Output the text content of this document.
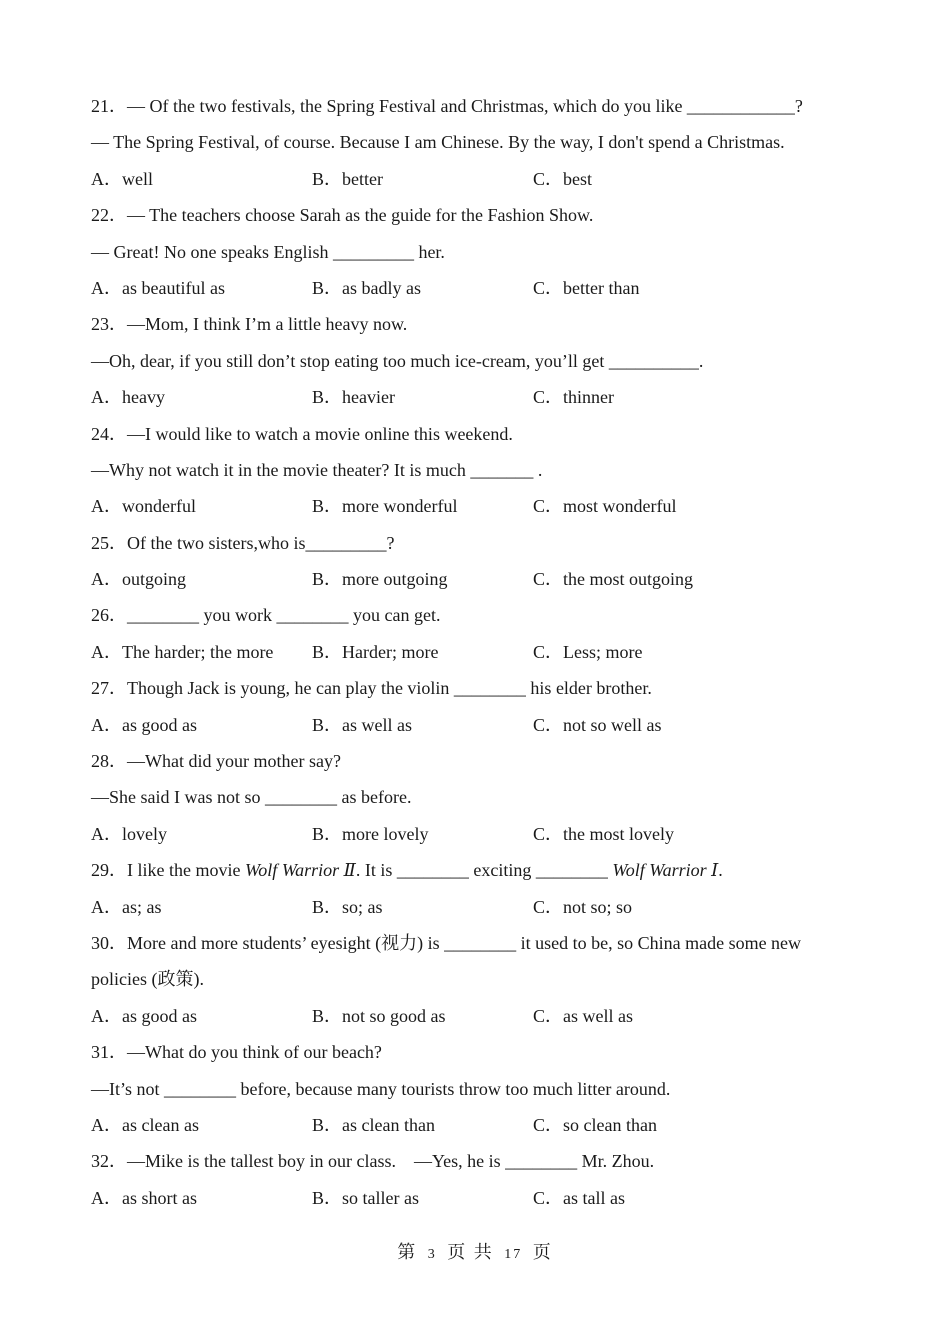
21．— Of the two festivals, the Spring Festival and Christmas, which do you like ____________?
— The Spring Festival, of course. Because I am Chinese. By the way, I don't spend a Christmas.
A．well	B．better	C．best
22．— The teachers choose Sarah as the guide for the Fashion Show.
— Great! No one speaks English _________ her.
A．as beautiful as	B．as badly as	C．better than
23．—Mom, I think I’m a little heavy now.
—Oh, dear, if you still don’t stop eating too much ice-cream, you’ll get __________.
A．heavy	B．heavier	C．thinner
24．—I would like to watch a movie online this weekend.
—Why not watch it in the movie theater? It is much _______ .
A．wonderful	B．more wonderful	C．most wonderful
25．Of the two sisters,who is_________?
A．outgoing	B．more outgoing	C．the most outgoing
26．________ you work ________ you can get.
A．The harder; the more	B．Harder; more	C．Less; more
27．Though Jack is young, he can play the violin ________ his elder brother.
A．as good as	B．as well as	C．not so well as
28．—What did your mother say?
—She said I was not so ________ as before.
A．lovely	B．more lovely	C．the most lovely
29．I like the movie Wolf Warrior Ⅱ. It is ________ exciting ________ Wolf Warrior Ⅰ.
A．as; as	B．so; as	C．not so; so
30．More and more students’ eyesight (视力) is ________ it used to be, so China made some new
policies (政策).
A．as good as	B．not so good as	C．as well as
31．—What do you think of our beach?
—It’s not ________ before, because many tourists throw too much litter around.
A．as clean as	B．as clean than	C．so clean than
32．—Mike is the tallest boy in our class.    —Yes, he is ________ Mr. Zhou.
A．as short as	B．so taller as	C．as tall as
第 3 页 共 17 页
